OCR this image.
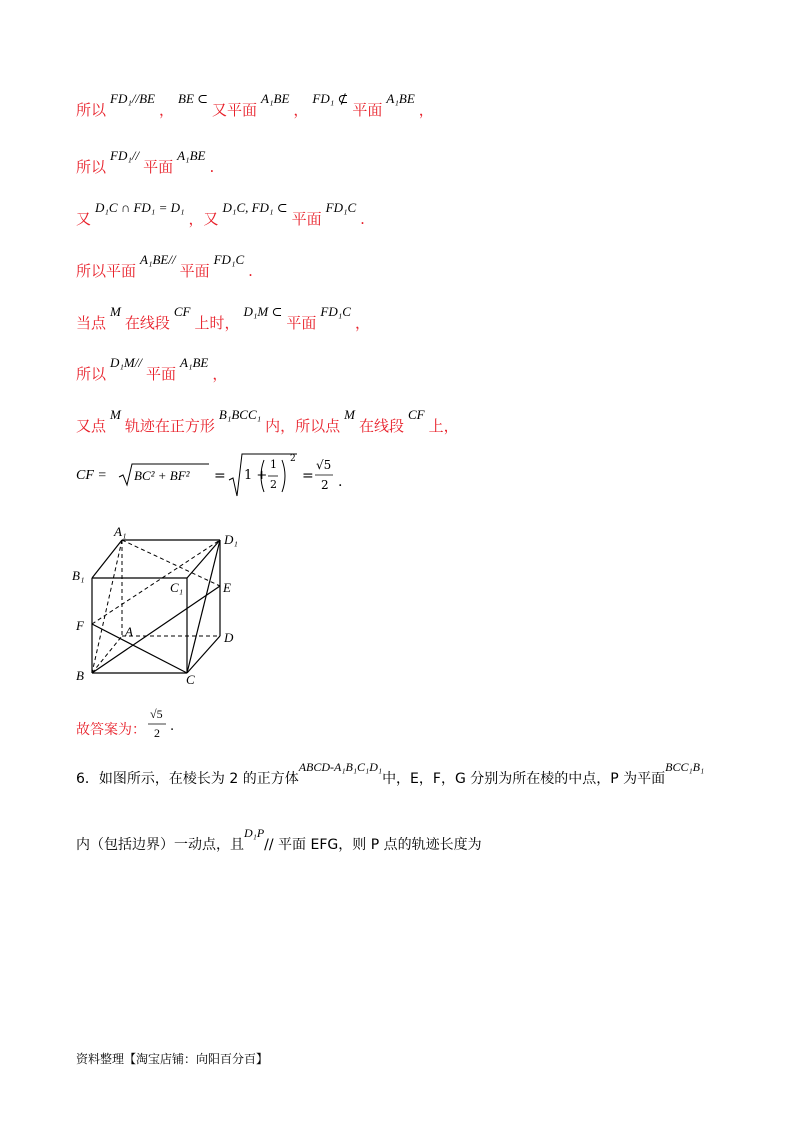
所以FD₁//BE，BE ⊂又平面A₁BE，FD₁ ⊄平面A₁BE，
所以FD₁//平面A₁BE.
又D₁C ∩ FD₁ = D₁，又D₁C, FD₁ ⊂平面FD₁C.
所以平面A₁BE//平面FD₁C.
当点M在线段CF上时，D₁M ⊂平面FD₁C，
所以D₁M//平面A₁BE，
又点M轨迹在正方形B₁BCC₁内，所以点M在线段CF上，
CF = BC² + BF² = 1 +
1
2
2
=
√5
2 .
A₁
D₁
B₁
C₁	E
F	A	D
B	C
故答案为：
√5
2 .
6．如图所示，在棱长为 2 的正方体ABCD-A₁B₁C₁D₁中，E，F，G 分别为所在棱的中点，P 为平面BCC₁B₁
内（包括边界）一动点，且D₁P// 平面 EFG，则 P 点的轨迹长度为
资料整理【淘宝店铺：向阳百分百】
